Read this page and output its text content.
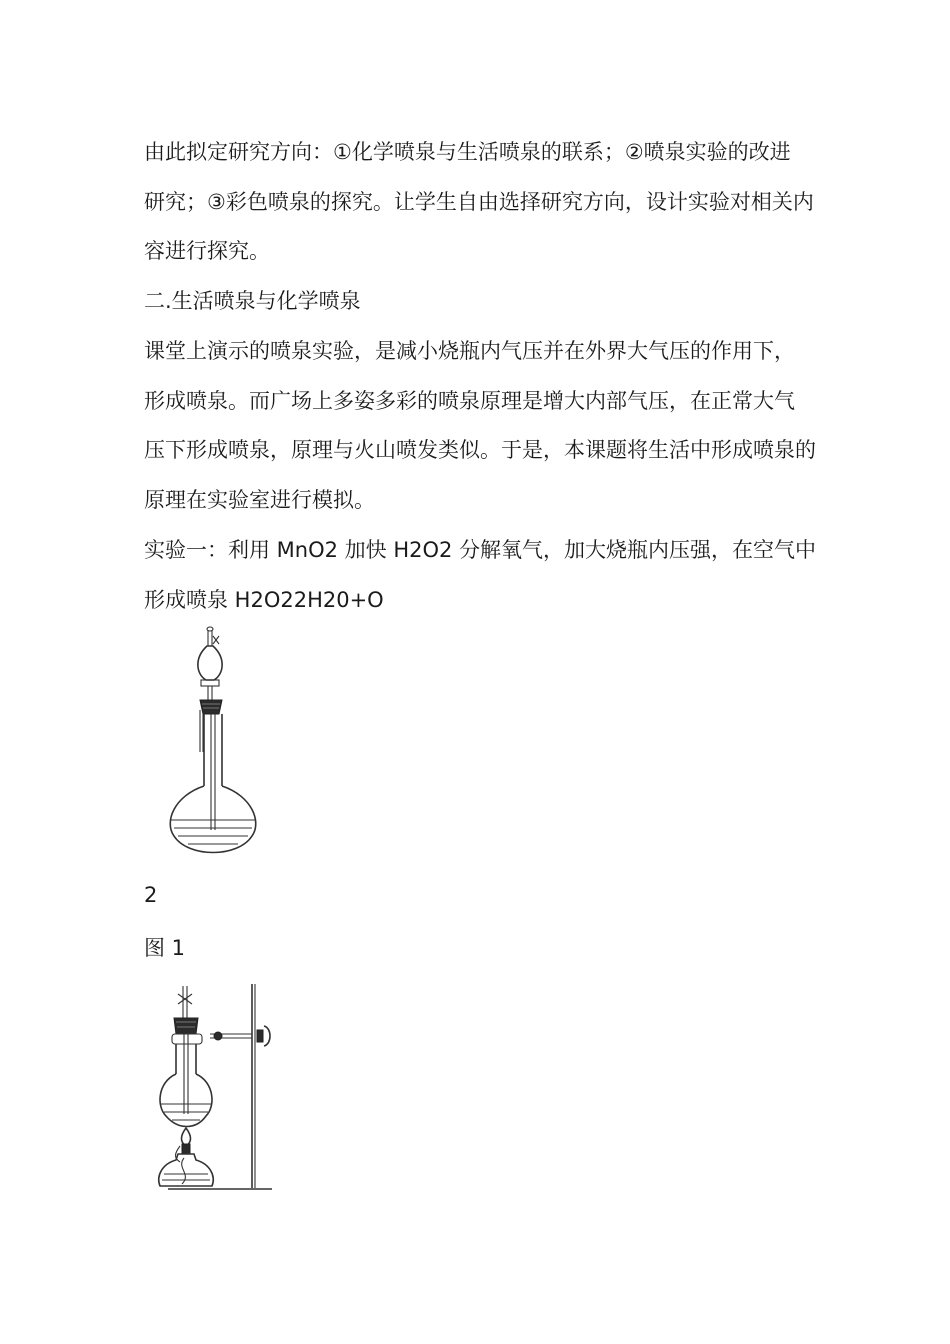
由此拟定研究方向：①化学喷泉与生活喷泉的联系；②喷泉实验的改进
研究；③彩色喷泉的探究。让学生自由选择研究方向，设计实验对相关内
容进行探究。
二.生活喷泉与化学喷泉
课堂上演示的喷泉实验，是减小烧瓶内气压并在外界大气压的作用下，
形成喷泉。而广场上多姿多彩的喷泉原理是增大内部气压，在正常大气
压下形成喷泉，原理与火山喷发类似。于是，本课题将生活中形成喷泉的
原理在实验室进行模拟。
实验一：利用 MnO2 加快 H2O2 分解氧气，加大烧瓶内压强，在空气中
形成喷泉 H2O22H20+O
2
图 1
